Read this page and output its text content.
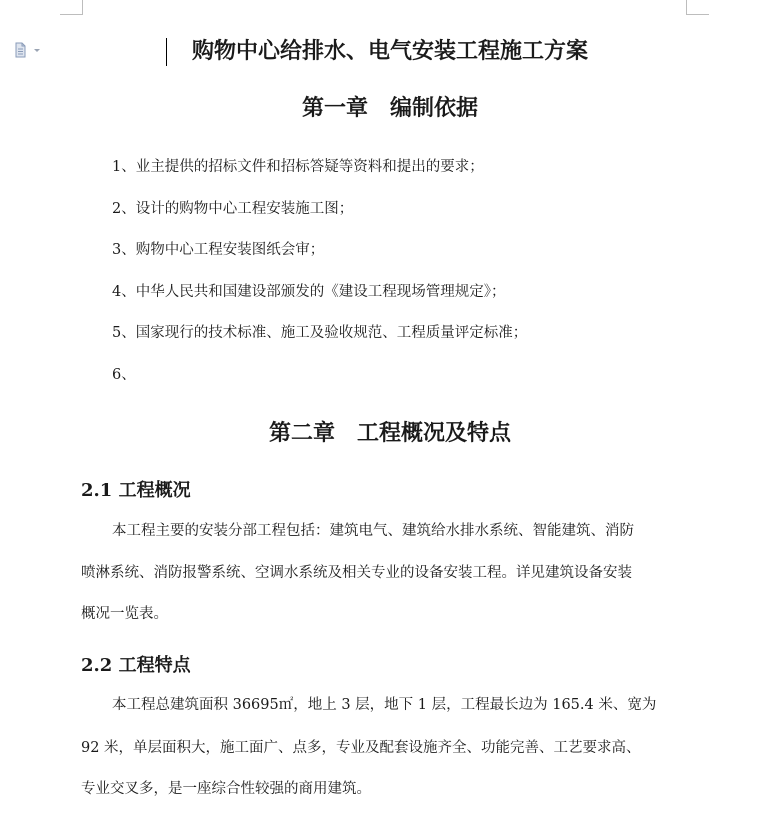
购物中心给排水、电气安装工程施工方案
第一章　编制依据
1、业主提供的招标文件和招标答疑等资料和提出的要求；
2、设计的购物中心工程安装施工图；
3、购物中心工程安装图纸会审；
4、中华人民共和国建设部颁发的《建设工程现场管理规定》；
5、国家现行的技术标准、施工及验收规范、工程质量评定标准；
6、
第二章　工程概况及特点
2.1 工程概况
本工程主要的安装分部工程包括：建筑电气、建筑给水排水系统、智能建筑、消防
喷淋系统、消防报警系统、空调水系统及相关专业的设备安装工程。详见建筑设备安装
概况一览表。
2.2 工程特点
本工程总建筑面积 36695㎡，地上 3 层，地下 1 层，工程最长边为 165.4 米、宽为
92 米，单层面积大，施工面广、点多，专业及配套设施齐全、功能完善、工艺要求高、
专业交叉多，是一座综合性较强的商用建筑。
